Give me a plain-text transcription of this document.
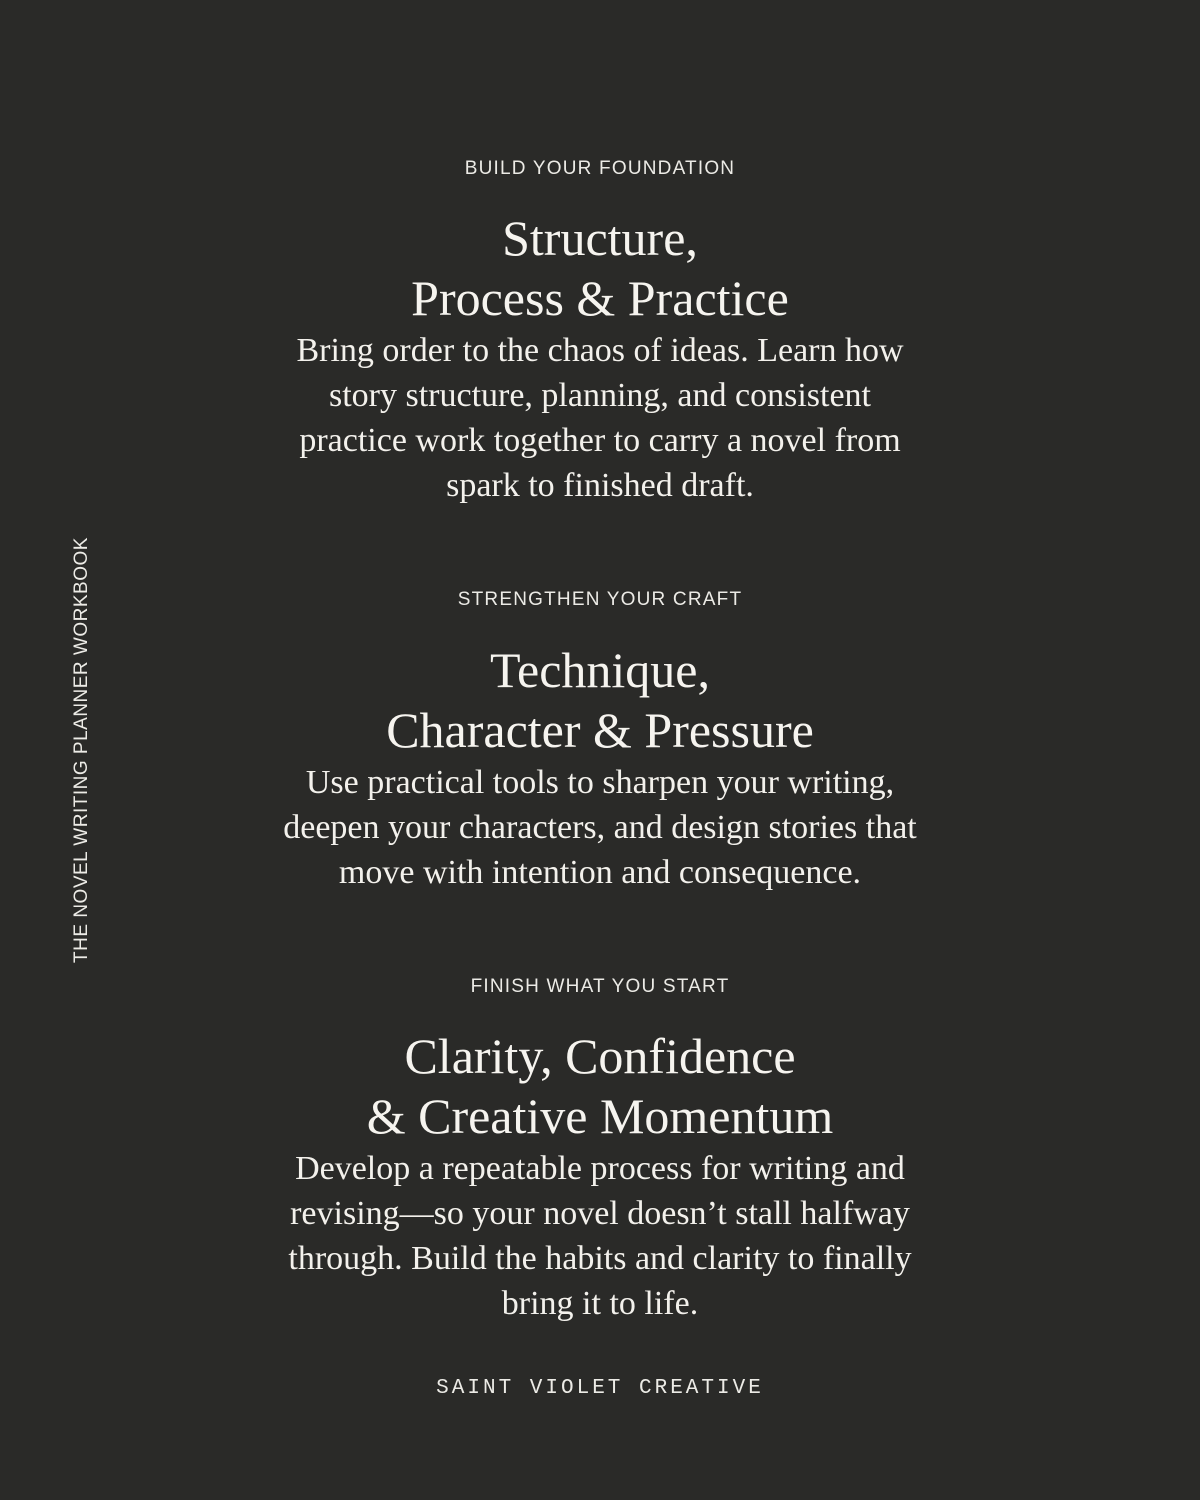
THE NOVEL WRITING PLANNER WORKBOOK
BUILD YOUR FOUNDATION
Structure,
Process & Practice
Bring order to the chaos of ideas. Learn how
story structure, planning, and consistent
practice work together to carry a novel from
spark to finished draft.
STRENGTHEN YOUR CRAFT
Technique,
Character & Pressure
Use practical tools to sharpen your writing,
deepen your characters, and design stories that
move with intention and consequence.
FINISH WHAT YOU START
Clarity, Confidence
& Creative Momentum
Develop a repeatable process for writing and
revising—so your novel doesn’t stall halfway
through. Build the habits and clarity to finally
bring it to life.
SAINT VIOLET CREATIVE
